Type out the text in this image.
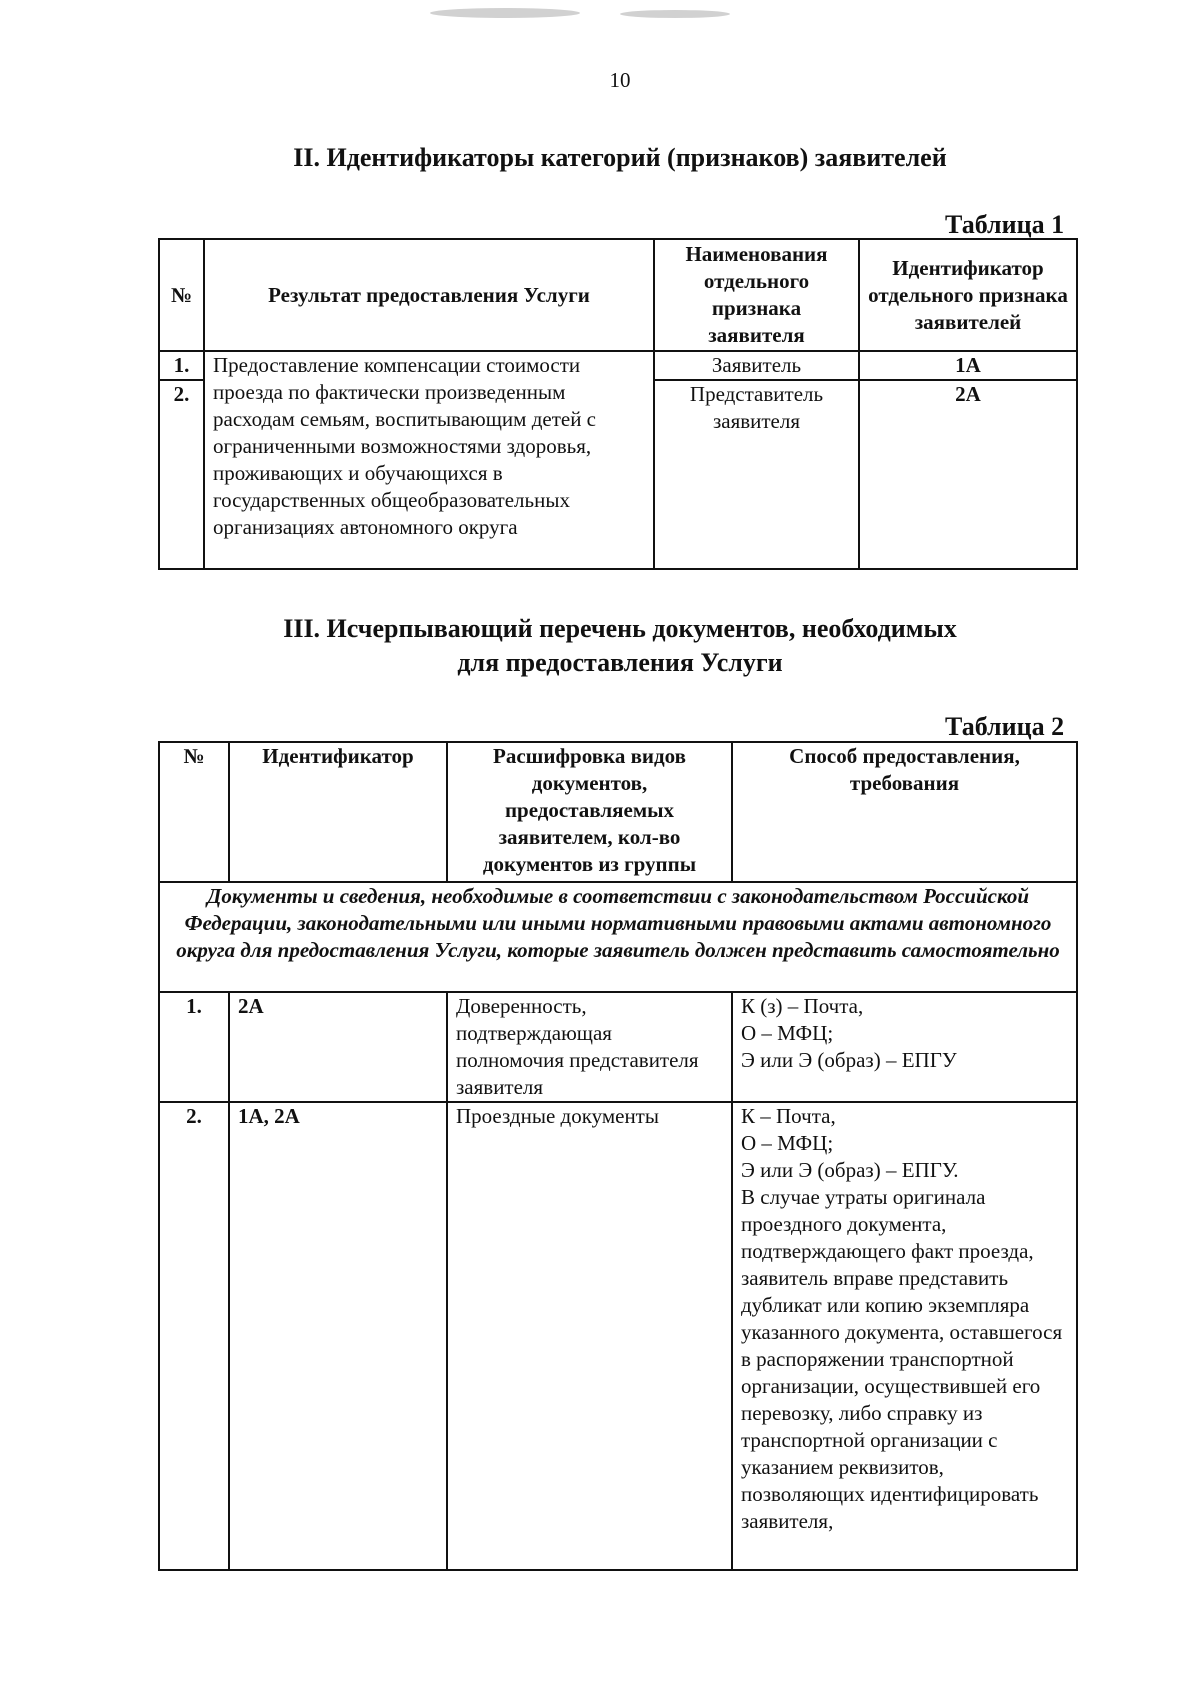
10
II. Идентификаторы категорий (признаков) заявителей
Таблица 1
№	Результат предоставления Услуги	Наименования отдельного признака заявителя	Идентификатор отдельного признака заявителей
1.	Предоставление компенсации стоимости проезда по фактически произведенным расходам семьям, воспитывающим детей с ограниченными возможностями здоровья, проживающих и обучающихся в государственных общеобразовательных организациях автономного округа	Заявитель	1А
2.		Представитель заявителя	2А
III. Исчерпывающий перечень документов, необходимых
для предоставления Услуги
Таблица 2
№	Идентификатор	Расшифровка видов документов, предоставляемых заявителем, кол-во документов из группы	Способ предоставления, требования
Документы и сведения, необходимые в соответствии с законодательством Российской Федерации, законодательными или иными нормативными правовыми актами автономного округа для предоставления Услуги, которые заявитель должен представить самостоятельно			
1.	2А	Доверенность, подтверждающая полномочия представителя заявителя	К (з) – Почта,
О – МФЦ;
Э или Э (образ) – ЕПГУ
2.	1А, 2А	Проездные документы	К – Почта,
О – МФЦ;
Э или Э (образ) – ЕПГУ.
В случае утраты оригинала проездного документа, подтверждающего факт проезда, заявитель вправе представить дубликат или копию экземпляра указанного документа, оставшегося в распоряжении транспортной организации, осуществившей его перевозку, либо справку из транспортной организации с указанием реквизитов, позволяющих идентифицировать заявителя,
